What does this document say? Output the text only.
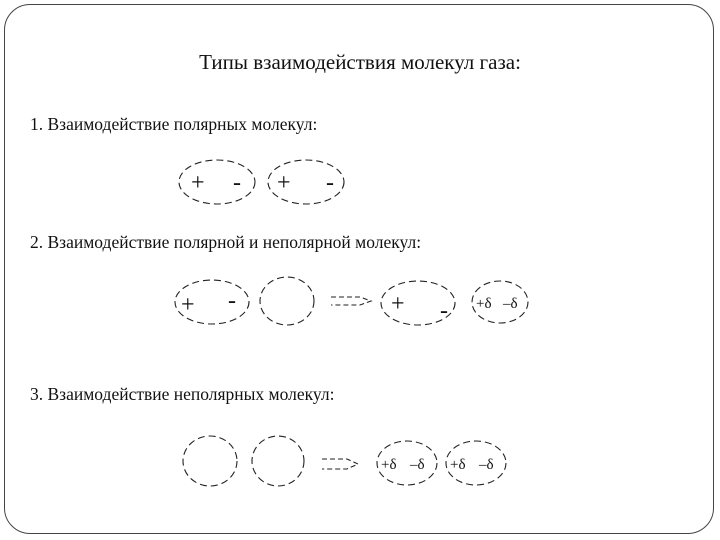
Типы взаимодействия молекул газа:
1. Взаимодействие полярных молекул:
2. Взаимодействие полярной и неполярной молекул:
3. Взаимодействие неполярных молекул:
+ - + -
+ -	+ - +δ –δ
+δ –δ +δ –δ
